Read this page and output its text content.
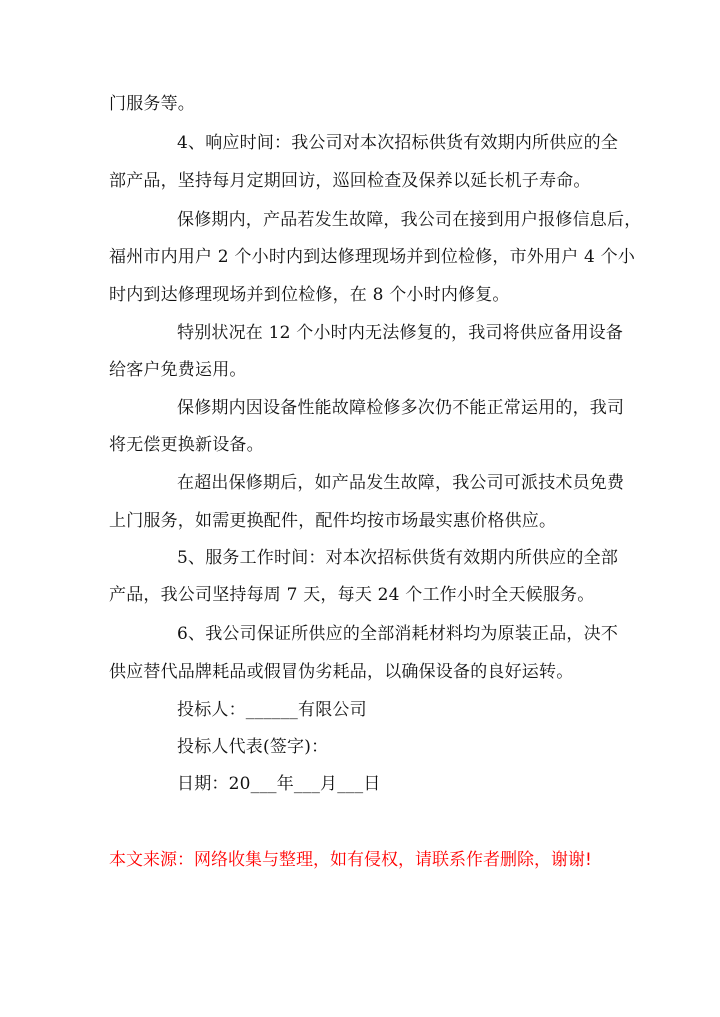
门服务等。
4、响应时间：我公司对本次招标供货有效期内所供应的全
部产品，坚持每月定期回访，巡回检查及保养以延长机子寿命。
保修期内，产品若发生故障，我公司在接到用户报修信息后，
福州市内用户 2 个小时内到达修理现场并到位检修，市外用户 4 个小
时内到达修理现场并到位检修，在 8 个小时内修复。
特别状况在 12 个小时内无法修复的，我司将供应备用设备
给客户免费运用。
保修期内因设备性能故障检修多次仍不能正常运用的，我司
将无偿更换新设备。
在超出保修期后，如产品发生故障，我公司可派技术员免费
上门服务，如需更换配件，配件均按市场最实惠价格供应。
5、服务工作时间：对本次招标供货有效期内所供应的全部
产品，我公司坚持每周 7 天，每天 24 个工作小时全天候服务。
6、我公司保证所供应的全部消耗材料均为原装正品，决不
供应替代品牌耗品或假冒伪劣耗品，以确保设备的良好运转。
投标人：______有限公司
投标人代表(签字)：
日期：20___年___月___日
本文来源：网络收集与整理，如有侵权，请联系作者删除，谢谢!
